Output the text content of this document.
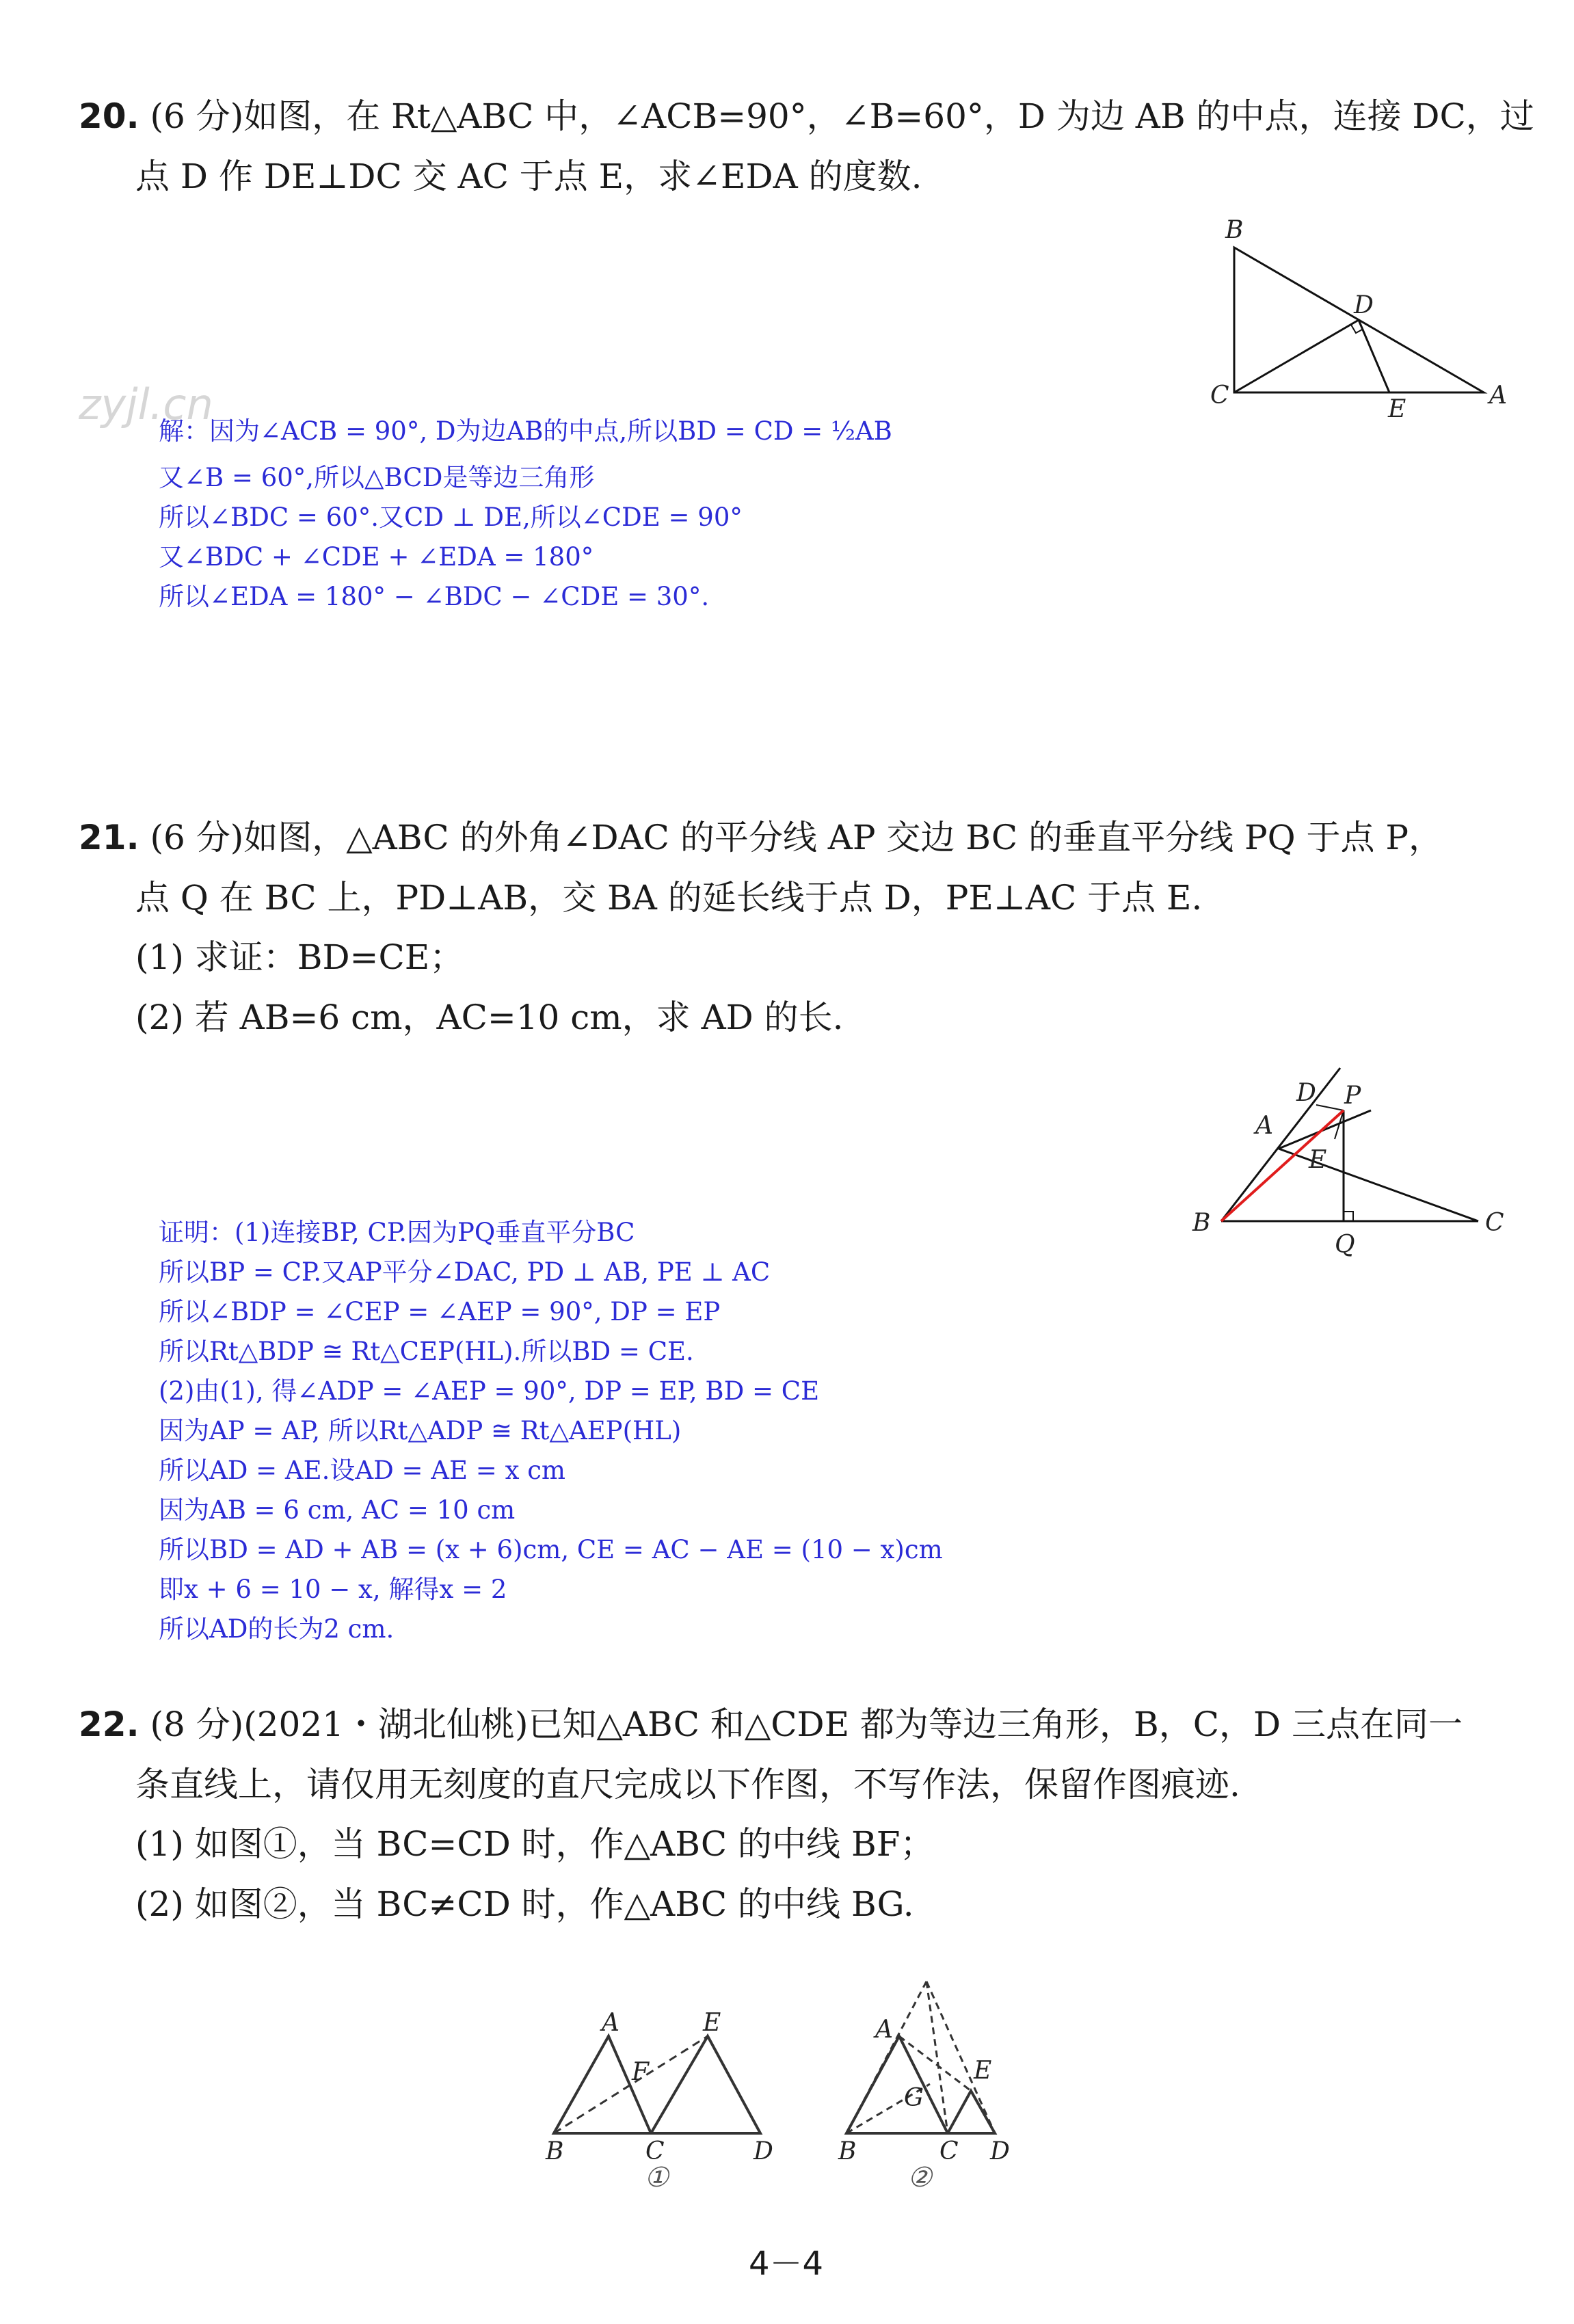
20. (6 分)如图，在 Rt△ABC 中，∠ACB=90°，∠B=60°，D 为边 AB 的中点，连接 DC，过
点 D 作 DE⊥DC 交 AC 于点 E，求∠EDA 的度数.
B
D
C	E	A
zyjl.cn
解：因为∠ACB = 90°, D为边AB的中点,所以BD = CD = ½AB
又∠B = 60°,所以△BCD是等边三角形
所以∠BDC = 60°.又CD ⊥ DE,所以∠CDE = 90°
又∠BDC + ∠CDE + ∠EDA = 180°
所以∠EDA = 180° − ∠BDC − ∠CDE = 30°.
21. (6 分)如图，△ABC 的外角∠DAC 的平分线 AP 交边 BC 的垂直平分线 PQ 于点 P，
点 Q 在 BC 上，PD⊥AB，交 BA 的延长线于点 D，PE⊥AC 于点 E.
(1) 求证：BD=CE；
(2) 若 AB=6 cm，AC=10 cm，求 AD 的长.
D P
A
E
B
Q
C
证明：(1)连接BP, CP.因为PQ垂直平分BC
所以BP = CP.又AP平分∠DAC, PD ⊥ AB, PE ⊥ AC
所以∠BDP = ∠CEP = ∠AEP = 90°, DP = EP
所以Rt△BDP ≅ Rt△CEP(HL).所以BD = CE.
(2)由(1), 得∠ADP = ∠AEP = 90°, DP = EP, BD = CE
因为AP = AP, 所以Rt△ADP ≅ Rt△AEP(HL)
所以AD = AE.设AD = AE = x cm
因为AB = 6 cm, AC = 10 cm
所以BD = AD + AB = (x + 6)cm, CE = AC − AE = (10 − x)cm
即x + 6 = 10 − x, 解得x = 2
所以AD的长为2 cm.
22. (8 分)(2021・湖北仙桃)已知△ABC 和△CDE 都为等边三角形，B，C，D 三点在同一
条直线上，请仅用无刻度的直尺完成以下作图，不写作法，保留作图痕迹.
(1) 如图①，当 BC=CD 时，作△ABC 的中线 BF；
(2) 如图②，当 BC≠CD 时，作△ABC 的中线 BG.
A	E
F
B	C	D
①
A
E
G
B	C D
②
4－4
